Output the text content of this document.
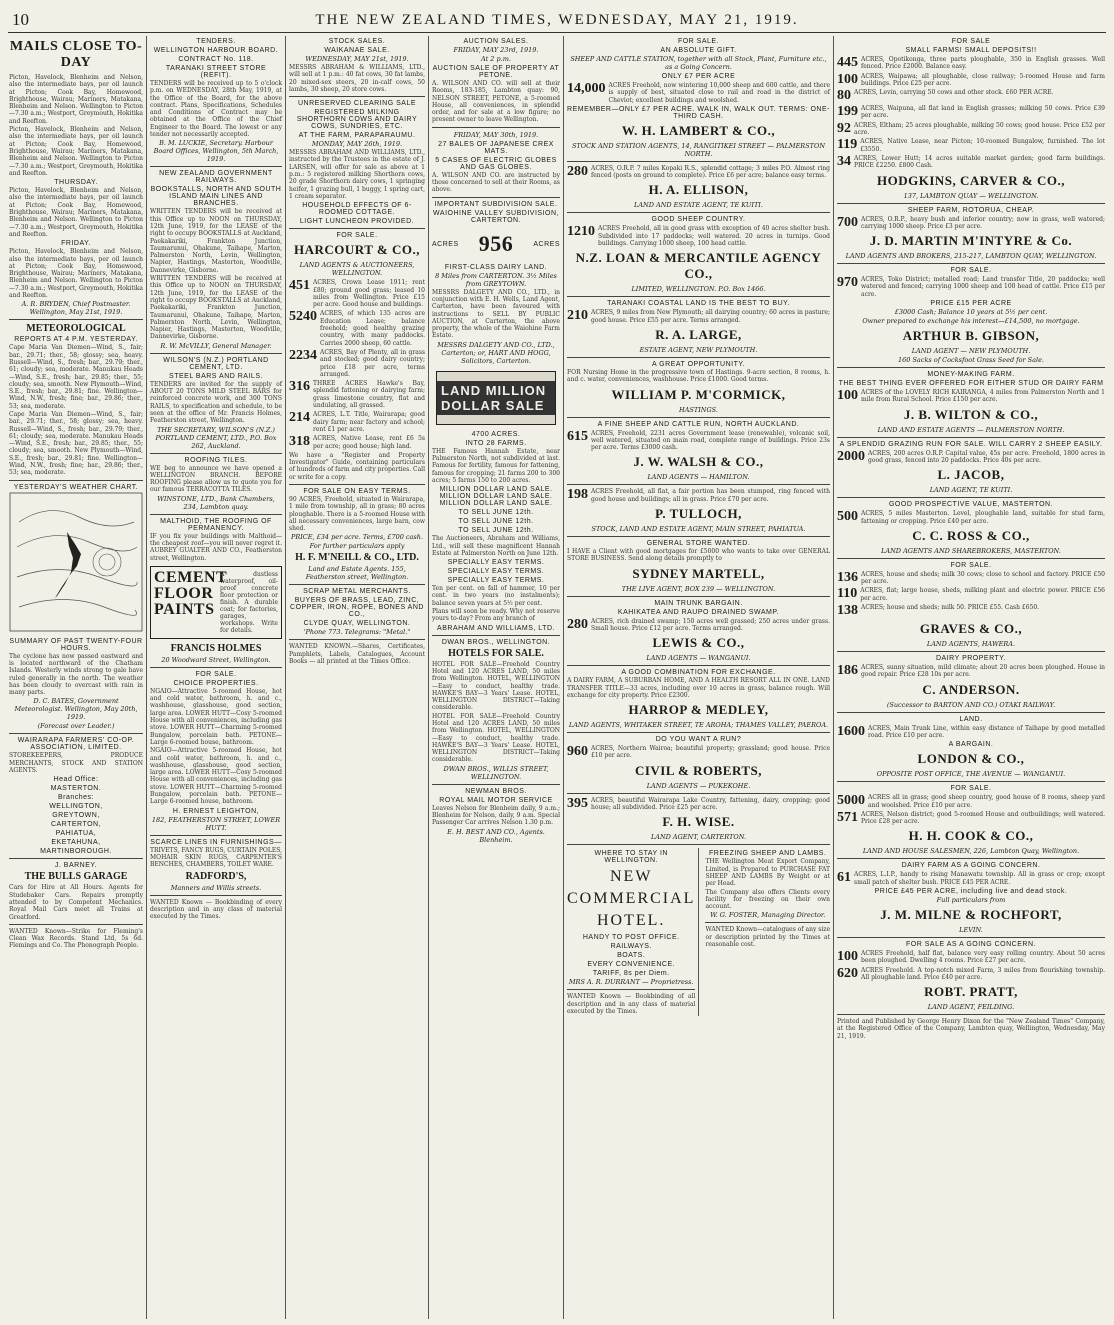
10	THE NEW ZEALAND TIMES, WEDNESDAY, MAY 21, 1919.
MAILS CLOSE TO-DAY
Picton, Havelock, Blenheim and Nelson, also the intermediate bays, per oil launch at Picton; Cook Bay, Homewood, Brighthouse, Wairau; Mariners, Matakana, Blenheim and Nelson. Wellington to Picton—7.30 a.m.; Westport, Greymouth, Hokitika and Reefton.
Picton, Havelock, Blenheim and Nelson, also the intermediate bays, per oil launch at Picton; Cook Bay, Homewood, Brighthouse, Wairau; Mariners, Matakana, Blenheim and Nelson. Wellington to Picton—7.30 a.m.; Westport, Greymouth, Hokitika and Reefton.
THURSDAY.
Picton, Havelock, Blenheim and Nelson, also the intermediate bays, per oil launch at Picton; Cook Bay, Homewood, Brighthouse, Wairau; Mariners, Matakana, Blenheim and Nelson. Wellington to Picton—7.30 a.m.; Westport, Greymouth, Hokitika and Reefton.
FRIDAY.
Picton, Havelock, Blenheim and Nelson, also the intermediate bays, per oil launch at Picton; Cook Bay, Homewood, Brighthouse, Wairau; Mariners, Matakana, Blenheim and Nelson. Wellington to Picton—7.30 a.m.; Westport, Greymouth, Hokitika and Reefton.
A. R. BRYDEN, Chief Postmaster. Wellington, May 21st, 1919.
METEOROLOGICAL
REPORTS AT 4 P.M. YESTERDAY.
Cape Maria Van Diemen—Wind, S., fair; bar., 29.71; ther., 58; glossy; sea, heavy. Russell—Wind, S., fresh; bar., 29.79; ther., 61; cloudy; sea, moderate. Manukau Heads—Wind, S.E., fresh; bar., 29.85; ther., 55; cloudy; sea, smooth. New Plymouth—Wind, S.E., fresh; bar., 29.81; fine. Wellington—Wind, N.W., fresh; fine; bar., 29.86; ther., 53; sea, moderate.
Cape Maria Van Diemen—Wind, S., fair; bar., 29.71; ther., 58; glossy; sea, heavy. Russell—Wind, S., fresh; bar., 29.79; ther., 61; cloudy; sea, moderate. Manukau Heads—Wind, S.E., fresh; bar., 29.85; ther., 55; cloudy; sea, smooth. New Plymouth—Wind, S.E., fresh; bar., 29.81; fine. Wellington—Wind, N.W., fresh; fine; bar., 29.86; ther., 53; sea, moderate.
YESTERDAY'S WEATHER CHART.
SUMMARY OF PAST TWENTY-FOUR HOURS.
The cyclone has now passed eastward and is located northward of the Chatham Islands. Westerly winds strong to gale have ruled generally in the north. The weather has been cloudy to overcast with rain in many parts.
D. C. BATES, Government Meteorologist. Wellington, May 20th, 1919.
(Forecast over Leader.)
WAIRARAPA FARMERS' CO-OP. ASSOCIATION, LIMITED.
STOREKEEPERS, PRODUCE MERCHANTS, STOCK AND STATION AGENTS.
Head Office:
MASTERTON.
Branches:
WELLINGTON,
GREYTOWN,
CARTERTON,
PAHIATUA,
EKETAHUNA,
MARTINBOROUGH.
J. BARNEY.
THE BULLS GARAGE
Cars for Hire at All Hours. Agents for Studebaker Cars. Repairs promptly attended to by Competent Mechanics. Royal Mail Cars meet all Trains at Greatford.
WANTED Known—Strike for Fleming's Clean Wax Records. Stand Ltd, 5s 6d. Flemings and Co. The Phonograph People.
TENDERS.
WELLINGTON HARBOUR BOARD.
CONTRACT No. 118.
TARANAKI STREET STORE (REFIT).
TENDERS will be received up to 5 o'clock p.m. on WEDNESDAY, 28th May, 1919, at the Office of the Board, for the above contract. Plans, Specifications, Schedules and Conditions of Contract may be obtained at the Office of the Chief Engineer to the Board. The lowest or any tender not necessarily accepted.
B. M. LUCKIE, Secretary. Harbour Board Offices, Wellington, 5th March, 1919.
NEW ZEALAND GOVERNMENT RAILWAYS.
BOOKSTALLS, NORTH AND SOUTH ISLAND MAIN LINES AND BRANCHES.
WRITTEN TENDERS will be received at this Office up to NOON on THURSDAY, 12th June, 1919, for the LEASE of the right to occupy BOOKSTALLS at Auckland, Paekakariki, Frankton Junction, Taumarunui, Ohakune, Taihape, Marton, Palmerston North, Levin, Wellington, Napier, Hastings, Masterton, Woodville, Dannevirke, Gisborne.
WRITTEN TENDERS will be received at this Office up to NOON on THURSDAY, 12th June, 1919, for the LEASE of the right to occupy BOOKSTALLS at Auckland, Paekakariki, Frankton Junction, Taumarunui, Ohakune, Taihape, Marton, Palmerston North, Levin, Wellington, Napier, Hastings, Masterton, Woodville, Dannevirke, Gisborne.
R. W. McVILLY, General Manager.
WILSON'S (N.Z.) PORTLAND CEMENT, LTD.
STEEL BARS AND RAILS.
TENDERS are invited for the supply of ABOUT 20 TONS MILD STEEL BARS for reinforced concrete work, and 300 TONS RAILS, to specification and schedule, to be seen at the office of Mr. Francis Holmes, Featherston street, Wellington.
THE SECRETARY, WILSON'S (N.Z.) PORTLAND CEMENT, LTD., P.O. Box 262, Auckland.
ROOFING TILES.
WE beg to announce we have opened a WELLINGTON BRANCH. BEFORE ROOFING please allow us to quote you for our famous TERRACOTTA TILES.
WINSTONE, LTD., Bank Chambers, 234, Lambton quay.
MALTHOID, THE ROOFING OF PERMANENCY.
IF you fix your buildings with Malthoid—the cheapest roof—you will never regret it. AUBREY GUALTER AND CO., Featherston street, Wellington.
CEMENT FLOOR PAINTS
A dustless waterproof, oil-proof concrete floor protection or finish. A durable coat; for factories, garages, workshops. Write for details.
FRANCIS HOLMES
20 Woodward Street, Wellington.
FOR SALE.
CHOICE PROPERTIES.
NGAIO—Attractive 5-roomed House, hot and cold water, bathroom, h. and c., washhouse, glasshouse, good section, large area. LOWER HUTT—Cosy 5-roomed House with all conveniences, including gas stove. LOWER HUTT—Charming 5-roomed Bungalow, porcelain bath. PETONE—Large 6-roomed house, bathroom.
NGAIO—Attractive 5-roomed House, hot and cold water, bathroom, h. and c., washhouse, glasshouse, good section, large area. LOWER HUTT—Cosy 5-roomed House with all conveniences, including gas stove. LOWER HUTT—Charming 5-roomed Bungalow, porcelain bath. PETONE—Large 6-roomed house, bathroom.
H. ERNEST LEIGHTON,
182, FEATHERSTON STREET, LOWER HUTT.
SCARCE LINES IN FURNISHINGS—
TRIVETS, FANCY RUGS, CURTAIN POLES, MOHAIR SKIN RUGS, CARPENTER'S BENCHES, CHAMBERS, TOILET WARE.
RADFORD'S,
Manners and Willis streets.
WANTED Known — Bookbinding of every description and in any class of material executed by the Times.
STOCK SALES.
WAIKANAE SALE.
WEDNESDAY, MAY 21st, 1919.
MESSRS ABRAHAM & WILLIAMS, LTD., will sell at 1 p.m.: 40 fat cows, 30 fat lambs, 20 mixed-sex steers, 20 in-calf cows, 50 lambs, 30 sheep, 20 store cows.
UNRESERVED CLEARING SALE
REGISTERED MILKING SHORTHORN COWS AND DAIRY COWS, SUNDRIES, ETC.
AT THE FARM, PARAPARAUMU.
MONDAY, MAY 26th, 1919.
MESSRS ABRAHAM AND WILLIAMS, LTD., instructed by the Trustees in the estate of J. LARSEN, will offer for sale as above at 1 p.m.: 5 registered milking Shorthorn cows, 20 grade Shorthorn dairy cows, 1 springing heifer, 1 grazing bull, 1 buggy, 1 spring cart, 1 cream separator.
HOUSEHOLD EFFECTS OF 6-ROOMED COTTAGE.
LIGHT LUNCHEON PROVIDED.
FOR SALE.
HARCOURT & CO.,
LAND AGENTS & AUCTIONEERS, WELLINGTON.
451 ACRES, Crown Lease 1911; rent £80; ground good grass; leased 10 miles from Wellington. Price £15 per acre. Good house and buildings.
5240 ACRES, of which 135 acres are Education Lease; balance freehold; good healthy grazing country, with many paddocks. Carries 2000 sheep, 60 cattle.
2234 ACRES, Bay of Plenty, all in grass and stocked; good dairy country; price £18 per acre, terms arranged.
316 THREE ACRES Hawke's Bay, splendid fattening or dairying farm; grass limestone country, flat and undulating, all grassed.
214 ACRES, L.T. Title, Wairarapa; good dairy farm; near factory and school; rent £1 per acre.
318 ACRES, Native Lease, rent £6 5s per acre; good house; high land.
We have a "Register and Property Investigator" Guide, containing particulars of hundreds of farm and city properties. Call or write for a copy.
FOR SALE ON EASY TERMS.
90 ACRES, Freehold, situated in Wairarapa, 1 mile from township, all in grass; 80 acres ploughable. There is a 5-roomed House with all necessary conveniences, large barn, cow shed.
PRICE, £34 per acre. Terms, £700 cash.
For further particulars apply
H. F. M'NEILL & CO., LTD.
Land and Estate Agents. 155, Featherston street, Wellington.
SCRAP METAL MERCHANTS.
BUYERS OF BRASS, LEAD, ZINC, COPPER, IRON, ROPE, BONES AND CO.,
CLYDE QUAY, WELLINGTON.
'Phone 773. Telegrams: "Metal."
WANTED KNOWN.—Shares, Certificates, Pamphlets, Labels, Catalogues, Account Books — all printed at the Times Office.
AUCTION SALES.
FRIDAY, MAY 23rd, 1919.
At 2 p.m.
AUCTION SALE OF PROPERTY AT PETONE.
A. WILSON AND CO. will sell at their Rooms, 183-185, Lambton quay: 90, NELSON STREET, PETONE, a 5-roomed House, all conveniences, in splendid order, and for sale at a low figure; no present owner to leave Wellington.
FRIDAY, MAY 30th, 1919.
27 BALES OF JAPANESE CREX MATS.
5 CASES OF ELECTRIC GLOBES AND GAS GLOBES.
A. WILSON AND CO. are instructed by those concerned to sell at their Rooms, as above.
IMPORTANT SUBDIVISION SALE.
WAIOHINE VALLEY SUBDIVISION, CARTERTON.
ACRES 956	ACRES
FIRST-CLASS DAIRY LAND.
8 Miles from CARTERTON. 3½ Miles from GREYTOWN.
MESSRS DALGETY AND CO., LTD., in conjunction with E. H. Wells, Land Agent, Carterton, have been favoured with instructions to SELL BY PUBLIC AUCTION, at Carterton, the above property, the whole of the Waiohine Farm Estate.
MESSRS DALGETY AND CO., LTD., Carterton; or, HART AND HOGG, Solicitors, Carterton.
LAND MILLION DOLLAR SALE
4700 ACRES.
INTO 28 FARMS.
THE Famous Hannah Estate, near Palmerston North, not subdivided at last. Famous for fertility, famous for fattening, famous for cropping; 21 farms 200 to 300 acres; 5 farms 150 to 200 acres.
MILLION DOLLAR LAND SALE. MILLION DOLLAR LAND SALE. MILLION DOLLAR LAND SALE.
TO SELL JUNE 12th.
TO SELL JUNE 12th.
TO SELL JUNE 12th.
The Auctioneers, Abraham and Williams, Ltd., will sell these magnificent Hannah Estate at Palmerston North on June 12th.
SPECIALLY EASY TERMS.
SPECIALLY EASY TERMS.
SPECIALLY EASY TERMS.
Ten per cent. on fall of hammer, 10 per cent. in two years (no instalments); balance seven years at 5½ per cent.
Plans will soon be ready. Why not reserve yours to-day? From any branch of
ABRAHAM AND WILLIAMS, LTD.
DWAN BROS., WELLINGTON.
HOTELS FOR SALE.
HOTEL FOR SALE—Freehold Country Hotel and 120 ACRES LAND, 50 miles from Wellington. HOTEL, WELLINGTON—Easy to conduct, healthy trade. HAWKE'S BAY—3 Years' Lease. HOTEL, WELLINGTON DISTRICT—Taking considerable.
HOTEL FOR SALE—Freehold Country Hotel and 120 ACRES LAND, 50 miles from Wellington. HOTEL, WELLINGTON—Easy to conduct, healthy trade. HAWKE'S BAY—3 Years' Lease. HOTEL, WELLINGTON DISTRICT—Taking considerable.
DWAN BROS., WILLIS STREET, WELLINGTON.
NEWMAN BROS.
ROYAL MAIL MOTOR SERVICE
Leaves Nelson for Blenheim daily, 9 a.m.; Blenheim for Nelson, daily, 9 a.m. Special Passenger Car arrives Nelson 1.30 p.m.
E. H. BEST AND CO., Agents. Blenheim.
FOR SALE.
AN ABSOLUTE GIFT.
SHEEP AND CATTLE STATION, together with all Stock, Plant, Furniture etc., as a Going Concern.
ONLY £7 PER ACRE
14,000 ACRES Freehold, now wintering 10,000 sheep and 600 cattle, and there is supply of best, situated close to rail and road in the district of Cheviot; excellent buildings and woolshed.
REMEMBER—ONLY £7 PER ACRE. WALK IN, WALK OUT. TERMS: ONE-THIRD CASH.
W. H. LAMBERT & CO.,
STOCK AND STATION AGENTS, 14, RANGITIKEI STREET — PALMERSTON NORTH.
280 ACRES, O.R.P. 7 miles Kopaki R.S., splendid cottage; 3 miles P.O. Almost ring fenced (posts on ground to complete). Price £6 per acre; balance easy terms.
H. A. ELLISON,
LAND AND ESTATE AGENT, TE KUITI.
GOOD SHEEP COUNTRY.
1210 ACRES Freehold, all in good grass with exception of 40 acres shelter bush. Subdivided into 17 paddocks; well watered. 20 acres in turnips. Good buildings. Carrying 1000 sheep, 100 head cattle.
N.Z. LOAN & MERCANTILE AGENCY CO.,
LIMITED, WELLINGTON. P.O. Box 1466.
TARANAKI COASTAL LAND IS THE BEST TO BUY.
210 ACRES, 9 miles from New Plymouth; all dairying country; 60 acres in pasture; good house. Price £55 per acre. Terms arranged.
R. A. LARGE,
ESTATE AGENT, NEW PLYMOUTH.
A GREAT OPPORTUNITY.
FOR Nursing Home in the progressive town of Hastings. 9-acre section, 8 rooms, h. and c. water, conveniences, washhouse. Price £1000. Good terms.
WILLIAM P. M'CORMICK,
HASTINGS.
A FINE SHEEP AND CATTLE RUN, NORTH AUCKLAND.
615 ACRES, Freehold, 2231 acres Government lease (renewable), volcanic soil, well watered, situated on main road, complete range of buildings. Price 23s per acre. Terms £3000 cash.
J. W. WALSH & CO.,
LAND AGENTS — HAMILTON.
198 ACRES Freehold, all flat, a fair portion has been stumped, ring fenced with good house and buildings; all in grass. Price £70 per acre.
P. TULLOCH,
STOCK, LAND AND ESTATE AGENT, MAIN STREET, PAHIATUA.
GENERAL STORE WANTED.
I HAVE a Client with good mortgages for £5000 who wants to take over GENERAL STORE BUSINESS. Send along details promptly to
SYDNEY MARTELL,
THE LIVE AGENT, BOX 239 — WELLINGTON.
MAIN TRUNK BARGAIN.
KAHIKATEA AND RAUPO DRAINED SWAMP.
280 ACRES, rich drained swamp; 150 acres well grassed; 250 acres under grass. Small house. Price £12 per acre. Terms arranged.
LEWIS & CO.,
LAND AGENTS — WANGANUI.
A GOOD COMBINATION FOR EXCHANGE.
A DAIRY FARM, A SUBURBAN HOME, AND A HEALTH RESORT ALL IN ONE. LAND TRANSFER TITLE—33 acres, including over 10 acres in grass, balance rough. Will exchange for city property. Price £2300.
HARROP & MEDLEY,
LAND AGENTS, WHITAKER STREET, TE AROHA; THAMES VALLEY, PAEROA.
DO YOU WANT A RUN?
960 ACRES, Northern Wairoa; beautiful property; grassland; good house. Price £10 per acre.
CIVIL & ROBERTS,
LAND AGENTS — PUKEKOHE.
395 ACRES, beautiful Wairarapa Lake Country, fattening, dairy, cropping; good house; all subdivided. Price £25 per acre.
F. H. WISE.
LAND AGENT, CARTERTON.
WHERE TO STAY IN WELLINGTON.
NEW
COMMERCIAL
HOTEL.
HANDY TO POST OFFICE.
RAILWAYS.
BOATS.
EVERY CONVENIENCE.
TARIFF, 8s per Diem.
MRS A. R. DURRANT — Proprietress.
WANTED Known — Bookbinding of all description and in any class of material executed by the Times.
FREEZING SHEEP AND LAMBS.
THE Wellington Meat Export Company, Limited, is Prepared to PURCHASE FAT SHEEP AND LAMBS By Weight or at per Head.
The Company also offers Clients every facility for freezing on their own account.
W. G. FOSTER, Managing Director.
WANTED Known—catalogues of any size or description printed by the Times at reasonable cost.
FOR SALE
SMALL FARMS! SMALL DEPOSITS!!
445 ACRES, Opotikonga, three parts ploughable, 350 in English grasses. Well fenced. Price £2000. Balance easy.
100 ACRES, Waipawa; all ploughable, close railway; 5-roomed House and farm buildings. Price £25 per acre.
80 ACRES, Levin, carrying 50 cows and other stock. £60 PER ACRE.
199 ACRES, Waipuna, all flat land in English grasses; milking 50 cows. Price £39 per acre.
92 ACRES, Eltham; 25 acres ploughable, milking 50 cows; good house. Price £52 per acre.
119 ACRES, Native Lease, near Picton; 10-roomed Bungalow, furnished. The lot £3550.
34 ACRES, Lower Hutt; 14 acres suitable market garden; good farm buildings. PRICE £2250. £800 Cash.
HODGKINS, CARVER & CO.,
137, LAMBTON QUAY — WELLINGTON.
SHEEP FARM, ROTORUA, CHEAP.
700 ACRES, O.R.P., heavy bush and inferior country; now in grass, well watered; carrying 1000 sheep. Price £3 per acre.
J. D. MARTIN M'INTYRE & Co.
LAND AGENTS AND BROKERS, 215-217, LAMBTON QUAY, WELLINGTON.
FOR SALE.
970 ACRES, Toko District; metalled road; Land transfer Title, 20 paddocks; well watered and fenced; carrying 1000 sheep and 100 head of cattle. Price £15 per acre.
PRICE £15 PER ACRE
£3000 Cash; Balance 10 years at 5½ per cent.
Owner prepared to exchange his interest—£14,500, no mortgage.
ARTHUR B. GIBSON,
LAND AGENT — NEW PLYMOUTH.
160 Sacks of Cocksfoot Grass Seed for Sale.
MONEY-MAKING FARM.
THE BEST THING EVER OFFERED FOR EITHER STUD OR DAIRY FARM
100 ACRES of the LOVELY RICH KAIRANGA, 4 miles from Palmerston North and 1 mile from Rural School. Price £150 per acre.
J. B. WILTON & CO.,
LAND AND ESTATE AGENTS — PALMERSTON NORTH.
A SPLENDID GRAZING RUN FOR SALE. WILL CARRY 2 SHEEP EASILY.
2000 ACRES, 200 acres O.R.P. Capital value, 45s per acre. Freehold, 1800 acres in good grass, fenced into 20 paddocks. Price 40s per acre.
L. JACOB,
LAND AGENT, TE KUITI.
GOOD PROSPECTIVE VALUE, MASTERTON.
500 ACRES, 5 miles Masterton. Level, ploughable land, suitable for stud farm, fattening or cropping. Price £40 per acre.
C. C. ROSS & CO.,
LAND AGENTS AND SHAREBROKERS, MASTERTON.
FOR SALE.
136 ACRES, house and sheds; milk 30 cows; close to school and factory. PRICE £50 per acre.
110 ACRES, flat; large house, sheds, milking plant and electric power. PRICE £56 per acre.
138 ACRES; house and sheds; milk 50. PRICE £55. Cash £650.
GRAVES & CO.,
LAND AGENTS, HAWERA.
DAIRY PROPERTY.
186 ACRES, sunny situation, mild climate; about 20 acres been ploughed. House in good repair. Price £28 10s per acre.
C. ANDERSON.
(Successor to BARTON AND CO.) OTAKI RAILWAY.
LAND.
1600 ACRES, Main Trunk Line, within easy distance of Taihape by good metalled road. Price £10 per acre.
A BARGAIN.
LONDON & CO.,
OPPOSITE POST OFFICE, THE AVENUE — WANGANUI.
FOR SALE.
5000 ACRES all in grass; good sheep country, good house of 8 rooms, sheep yard and woolshed. Price £10 per acre.
571 ACRES, Nelson district; good 5-roomed House and outbuildings; well watered. Price £28 per acre.
H. H. COOK & CO.,
LAND AND HOUSE SALESMEN, 226, Lambton Quay, Wellington.
DAIRY FARM AS A GOING CONCERN.
61 ACRES, L.I.P., handy to rising Manawatu township. All in grass or crop; except small patch of shelter bush. PRICE £45 PER ACRE.
PRICE £45 PER ACRE, including live and dead stock.
Full particulars from
J. M. MILNE & ROCHFORT,
LEVIN.
FOR SALE AS A GOING CONCERN.
100 ACRES Freehold, half flat, balance very easy rolling country. About 50 acres been ploughed. Dwelling 4 rooms. Price £27 per acre.
620 ACRES Freehold. A top-notch mixed Farm, 3 miles from flourishing township. All ploughable land. Price £40 per acre.
ROBT. PRATT,
LAND AGENT, FEILDING.
Printed and Published by George Henry Dixon for the "New Zealand Times" Company, at the Registered Office of the Company, Lambton quay, Wellington, Wednesday, May 21, 1919.
